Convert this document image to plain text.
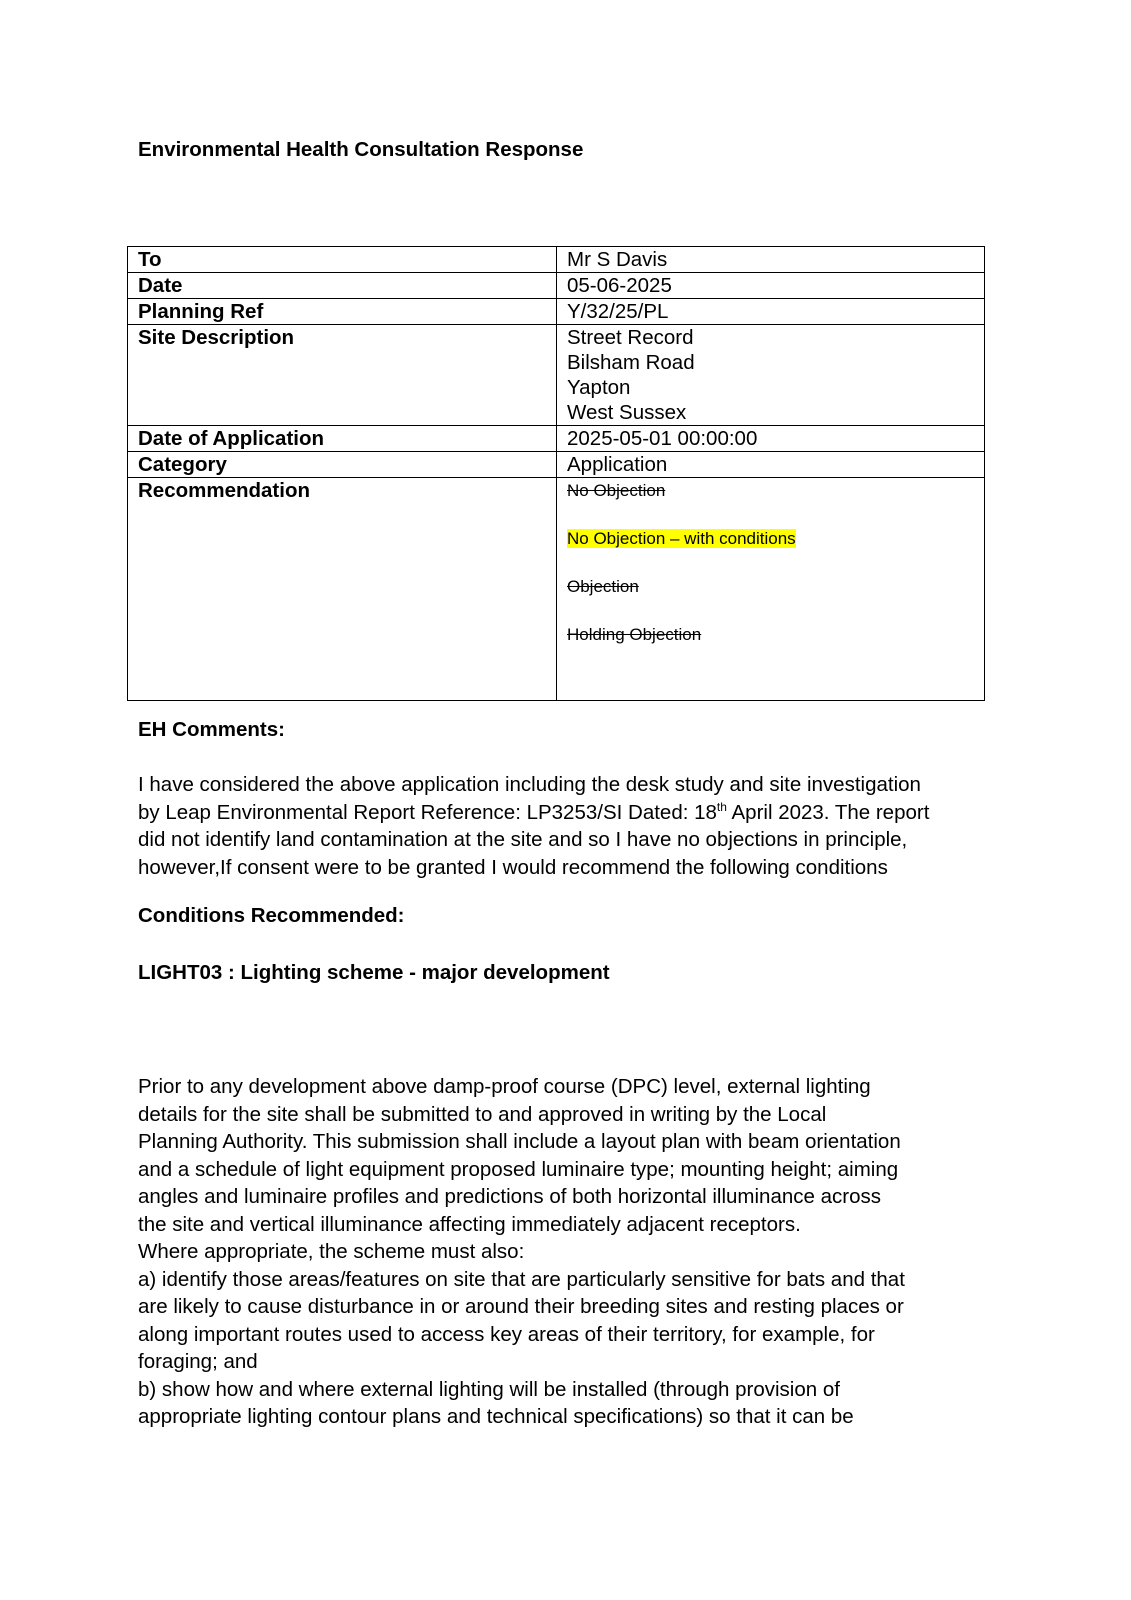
Environmental Health Consultation Response
To	Mr S Davis
Date	05-06-2025
Planning Ref	Y/32/25/PL
Site Description	Street Record
Bilsham Road
Yapton
West Sussex

Date of Application	2025-05-01 00:00:00
Category	Application
Recommendation	No Objection
No Objection – with conditions
Objection
Holding Objection
EH Comments:

I have considered the above application including the desk study and site investigation
by Leap Environmental Report Reference: LP3253/SI Dated: 18th April 2023. The report
did not identify land contamination at the site and so I have no objections in principle,
however,If consent were to be granted I would recommend the following conditions

Conditions Recommended:
LIGHT03 : Lighting scheme - major development

Prior to any development above damp-proof course (DPC) level, external lighting
details for the site shall be submitted to and approved in writing by the Local
Planning Authority. This submission shall include a layout plan with beam orientation
and a schedule of light equipment proposed luminaire type; mounting height; aiming
angles and luminaire profiles and predictions of both horizontal illuminance across
the site and vertical illuminance affecting immediately adjacent receptors.
Where appropriate, the scheme must also:
a) identify those areas/features on site that are particularly sensitive for bats and that
are likely to cause disturbance in or around their breeding sites and resting places or
along important routes used to access key areas of their territory, for example, for
foraging; and
b) show how and where external lighting will be installed (through provision of
appropriate lighting contour plans and technical specifications) so that it can be
